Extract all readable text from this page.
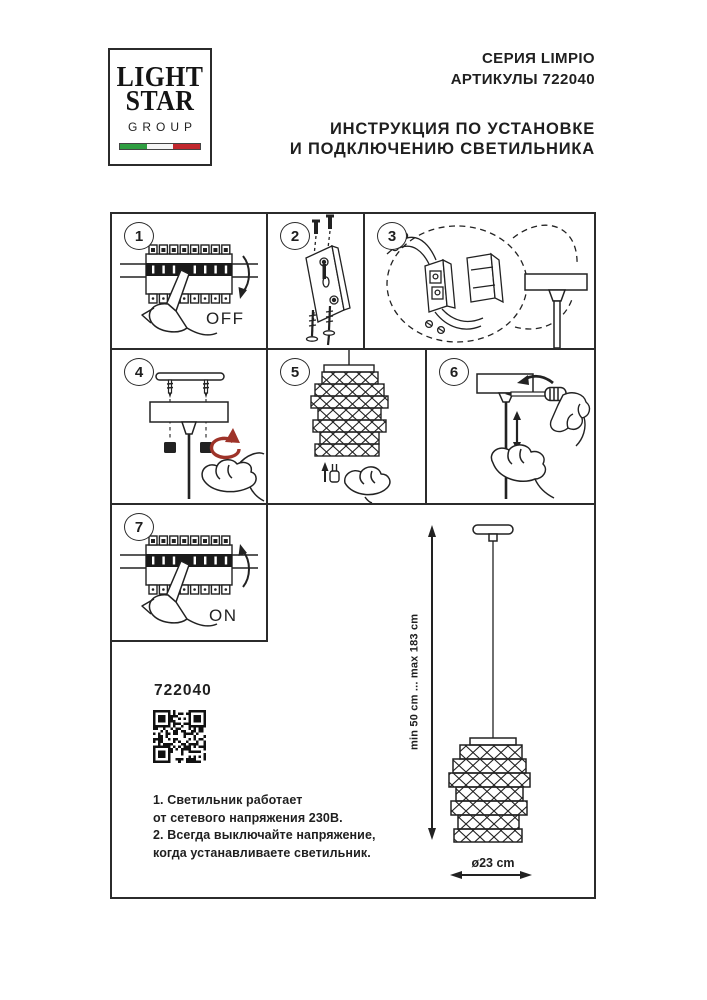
LIGHT
STAR
GROUP
СЕРИЯ LIMPIO
АРТИКУЛЫ 722040
ИНСТРУКЦИЯ ПО УСТАНОВКЕ
И ПОДКЛЮЧЕНИЮ СВЕТИЛЬНИКА
1
OFF
2	3
4	5	6
7
ON
722040
1. Светильник работает
от сетевого напряжения 230В.
2. Всегда выключайте напряжение,
когда устанавливаете светильник.
min 50 cm ... max 183 cm
ø23 cm
